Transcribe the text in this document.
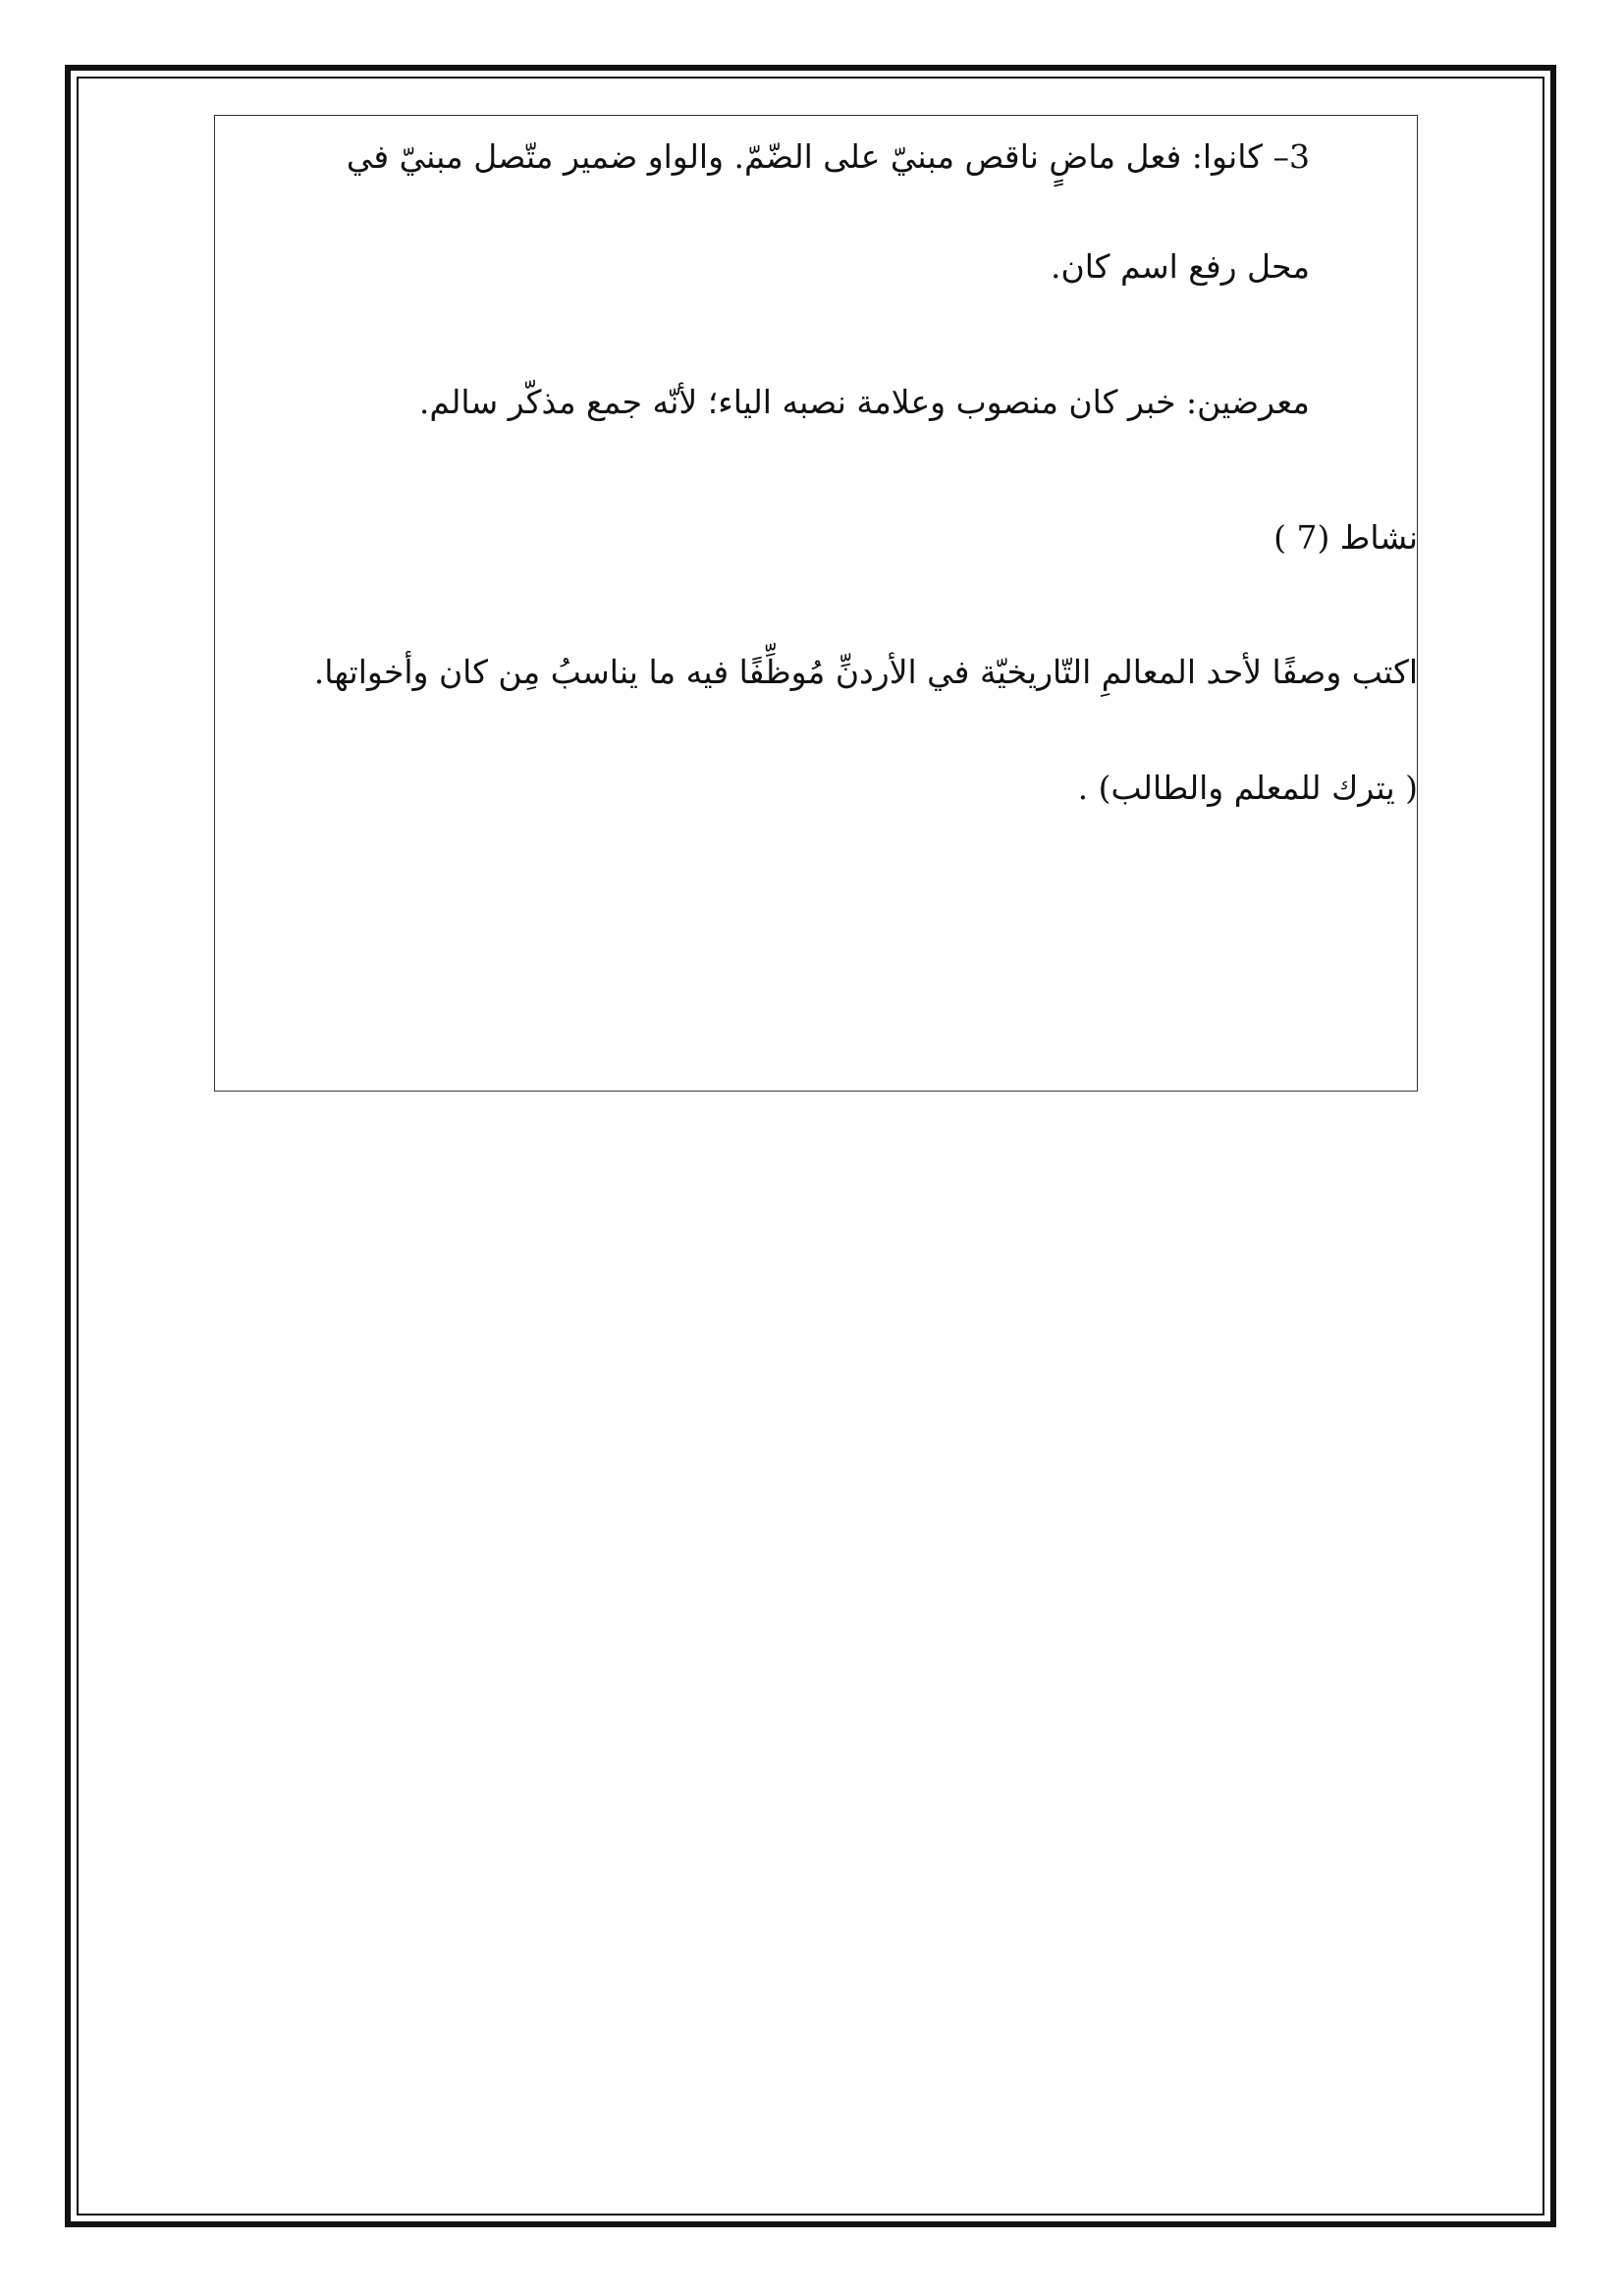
3– كانوا: فعل ماضٍ ناقص مبنيّ على الضّمّ. والواو ضمير متّصل مبنيّ في
محل رفع اسم كان.
معرضين: خبر كان منصوب وعلامة نصبه الياء؛ لأنّه جمع مذكّر سالم.
نشاط (7 )
اكتب وصفًا لأحد المعالمِ التّاريخيّة في الأردنِّ مُوظِّفًا فيه ما يناسبُ مِن كان وأخواتها.
( يترك للمعلم والطالب) .
